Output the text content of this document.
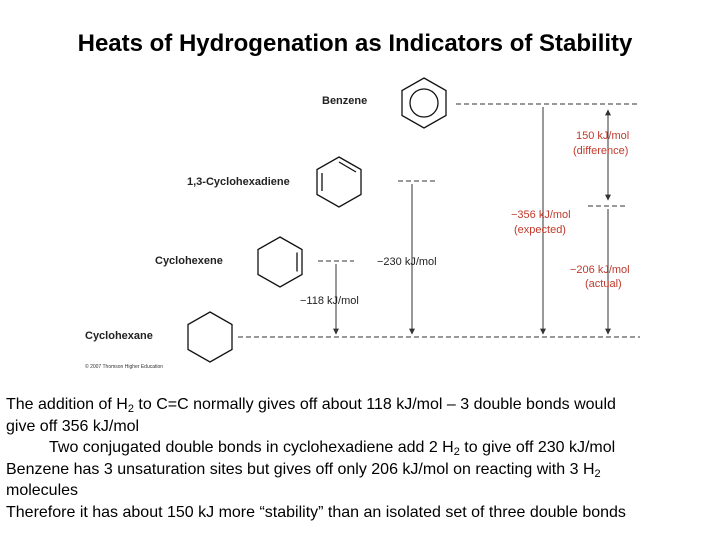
Heats of Hydrogenation as Indicators of Stability
Benzene
1,3-Cyclohexadiene
Cyclohexene
Cyclohexane
150 kJ/mol
(difference)
−356 kJ/mol
(expected)
−206 kJ/mol
(actual)
−230 kJ/mol
−118 kJ/mol
© 2007 Thomson Higher Education
The addition of $H_2$ to C=C normally gives off about 118 kJ/mol – 3 double bonds would
give off 356 kJ/mol
Two conjugated double bonds in cyclohexadiene add 2 $H_2$ to give off 230 kJ/mol
Benzene has 3 unsaturation sites but gives off only 206 kJ/mol on reacting with 3 $H_2$
molecules
Therefore it has about 150 kJ more “stability” than an isolated set of three double bonds
